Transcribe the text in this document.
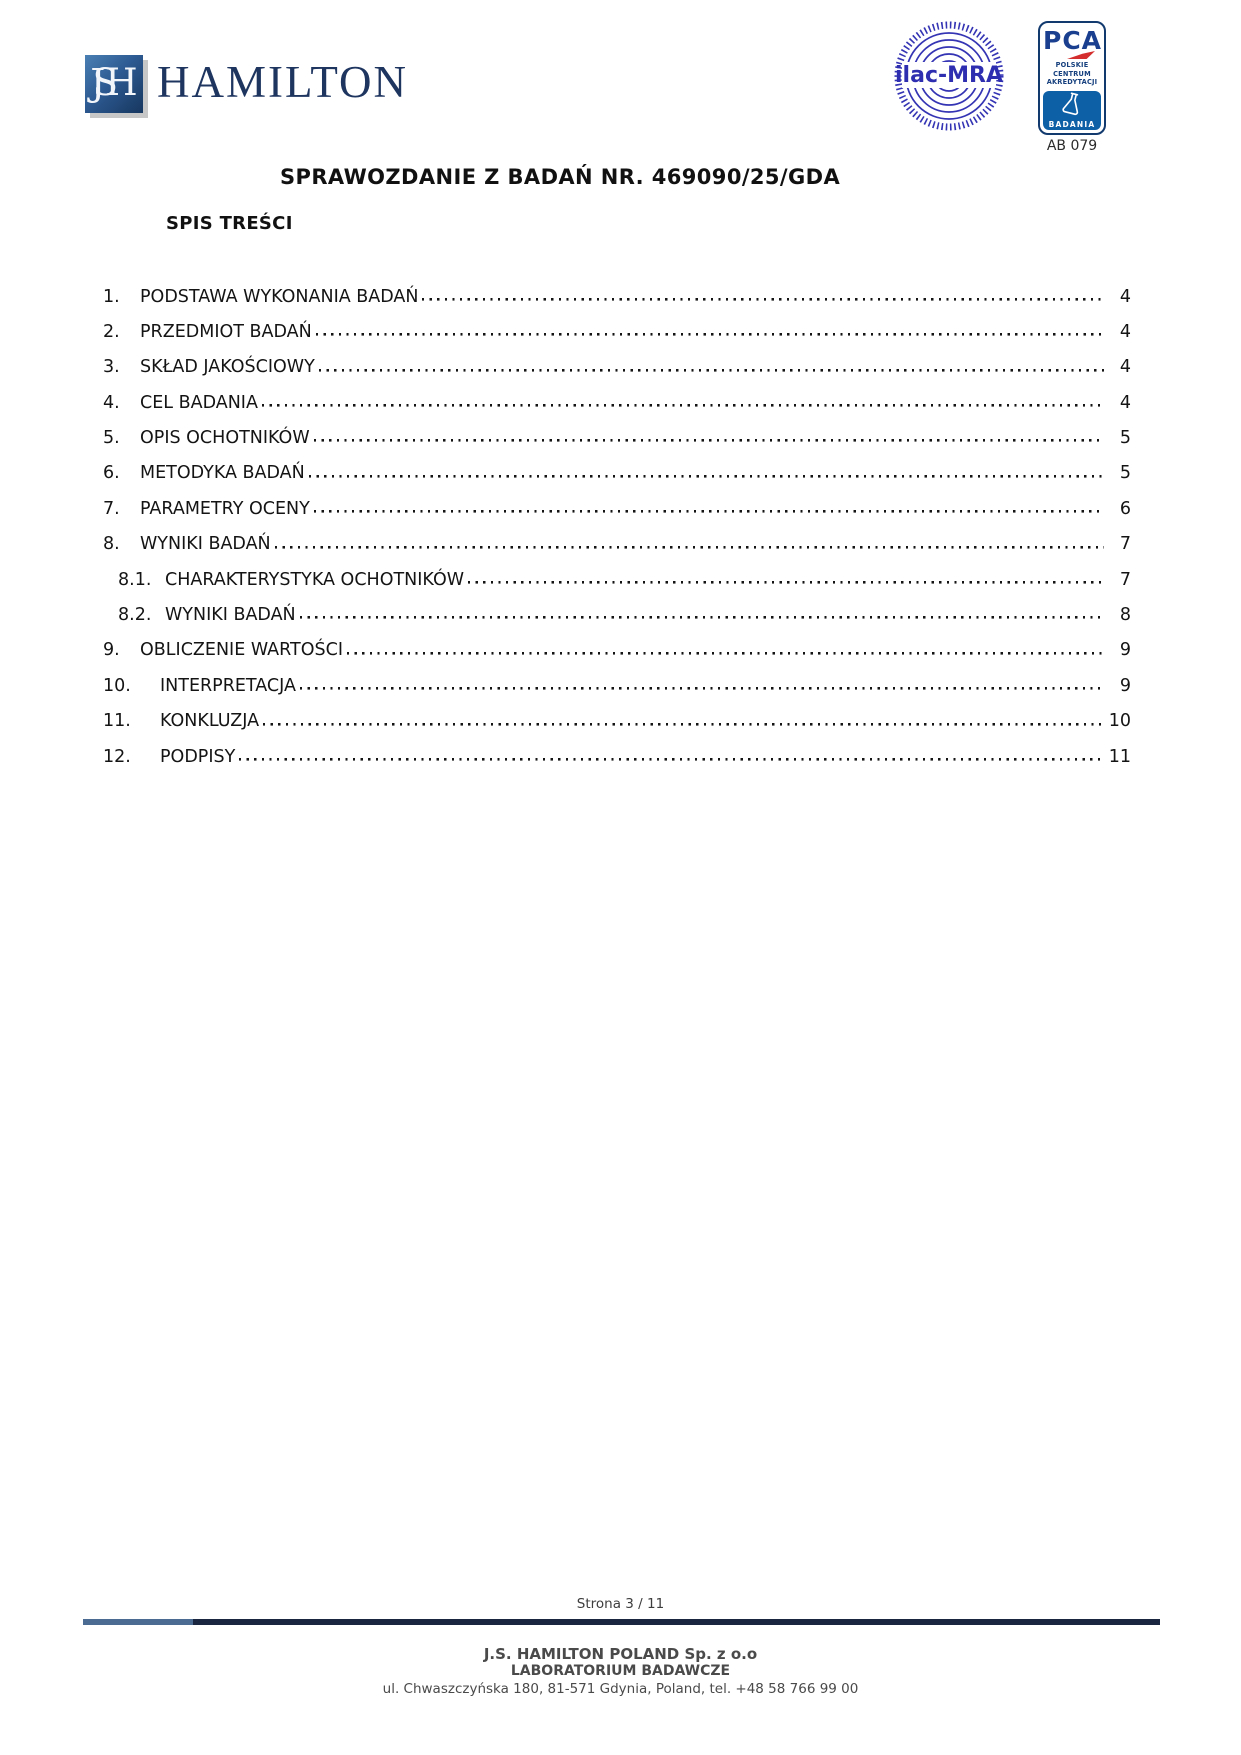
JSH HAMILTON	ilac-MRA
PCA
POLSKIE CENTRUM AKREDYTACJI
BADANIA
AB 079
SPRAWOZDANIE Z BADAŃ NR. 469090/25/GDA
SPIS TREŚCI
1.	PODSTAWA WYKONANIA BADAŃ	4
2.	PRZEDMIOT BADAŃ	4
3.	SKŁAD JAKOŚCIOWY	4
4.	CEL BADANIA	4
5.	OPIS OCHOTNIKÓW	5
6.	METODYKA BADAŃ	5
7.	PARAMETRY OCENY	6
8.	WYNIKI BADAŃ	7
8.1. CHARAKTERYSTYKA OCHOTNIKÓW	7
8.2. WYNIKI BADAŃ	8
9.	OBLICZENIE WARTOŚCI	9
10.	INTERPRETACJA	9
11.	KONKLUZJA	10
12.	PODPISY	11
Strona 3 / 11
J.S. HAMILTON POLAND Sp. z o.o
LABORATORIUM BADAWCZE
ul. Chwaszczyńska 180, 81-571 Gdynia, Poland, tel. +48 58 766 99 00
